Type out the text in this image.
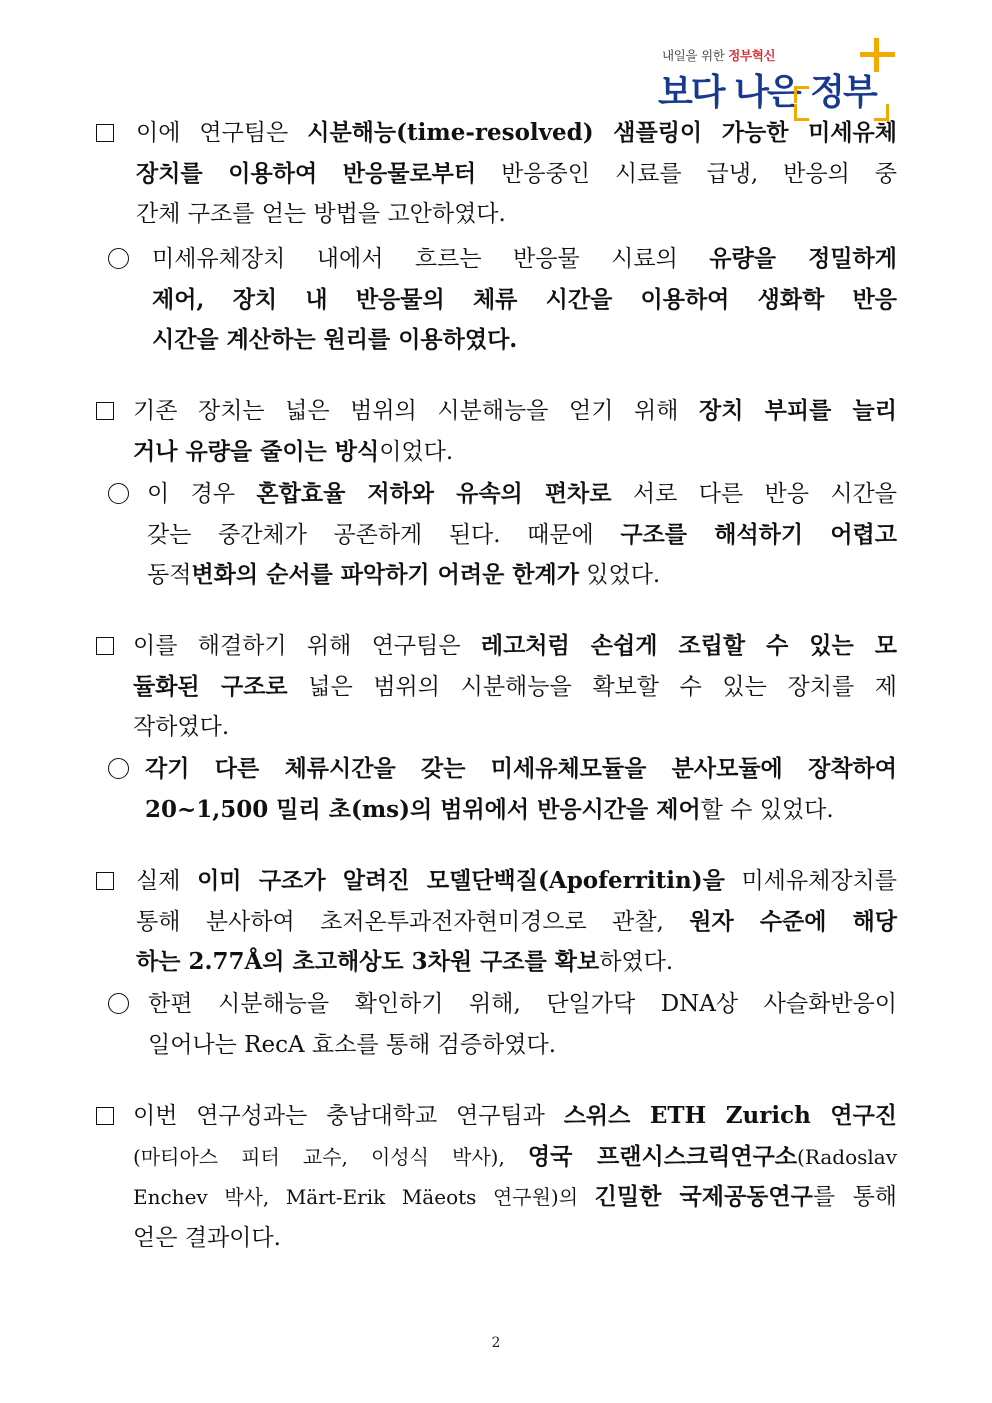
내일을 위한 정부혁신
보다 나은 정부
이에 연구팀은 시분해능(time-resolved) 샘플링이 가능한 미세유체
장치를 이용하여 반응물로부터 반응중인 시료를 급냉, 반응의 중
간체 구조를 얻는 방법을 고안하였다.
미세유체장치 내에서 흐르는 반응물 시료의 유량을 정밀하게
제어, 장치 내 반응물의 체류 시간을 이용하여 생화학 반응
시간을 계산하는 원리를 이용하였다.
기존 장치는 넓은 범위의 시분해능을 얻기 위해 장치 부피를 늘리
거나 유량을 줄이는 방식이었다.
이 경우 혼합효율 저하와 유속의 편차로 서로 다른 반응 시간을
갖는 중간체가 공존하게 된다. 때문에 구조를 해석하기 어렵고
동적변화의 순서를 파악하기 어려운 한계가 있었다.
이를 해결하기 위해 연구팀은 레고처럼 손쉽게 조립할 수 있는 모
듈화된 구조로 넓은 범위의 시분해능을 확보할 수 있는 장치를 제
작하였다.
각기 다른 체류시간을 갖는 미세유체모듈을 분사모듈에 장착하여
20~1,500 밀리 초(ms)의 범위에서 반응시간을 제어할 수 있었다.
실제 이미 구조가 알려진 모델단백질(Apoferritin)을 미세유체장치를
통해 분사하여 초저온투과전자현미경으로 관찰, 원자 수준에 해당
하는 2.77Å의 초고해상도 3차원 구조를 확보하였다.
한편 시분해능을 확인하기 위해, 단일가닥 DNA상 사슬화반응이
일어나는 RecA 효소를 통해 검증하였다.
이번 연구성과는 충남대학교 연구팀과 스위스 ETH Zurich 연구진
(마티아스 피터 교수, 이성식 박사), 영국 프랜시스크릭연구소(Radoslav
Enchev 박사, Märt-Erik Mäeots 연구원)의 긴밀한 국제공동연구를 통해
얻은 결과이다.
2
